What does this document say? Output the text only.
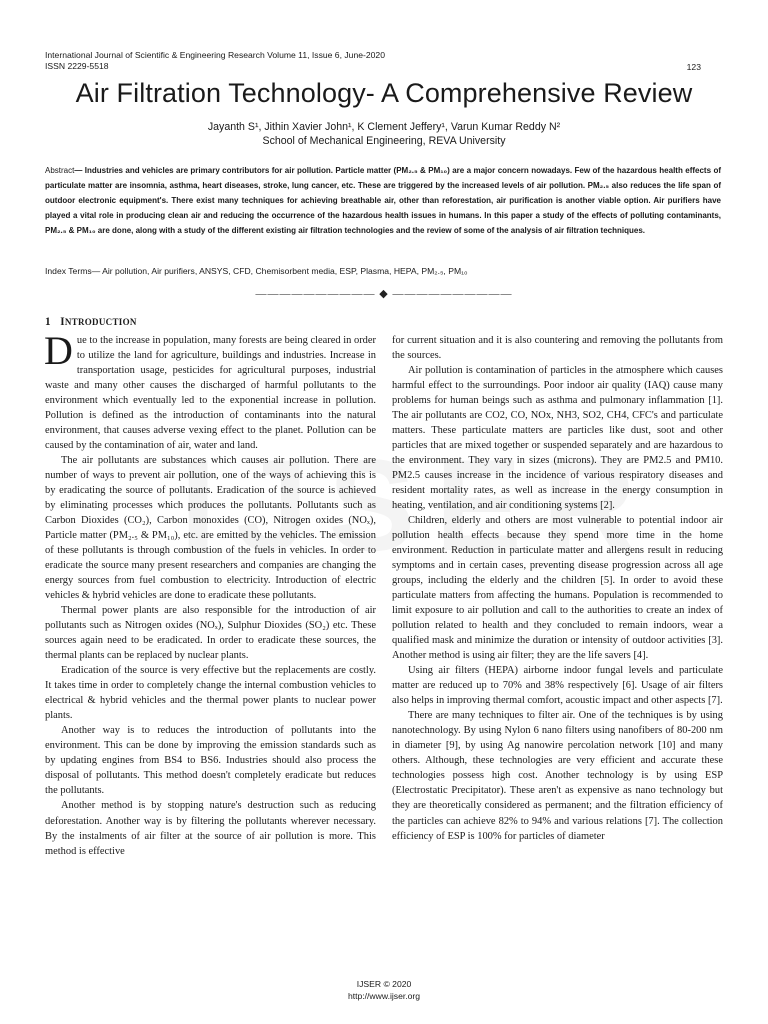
International Journal of Scientific & Engineering Research Volume 11, Issue 6, June-2020
ISSN 2229-5518	123
Air Filtration Technology- A Comprehensive Review
Jayanth S¹, Jithin Xavier John¹, K Clement Jeffery¹, Varun Kumar Reddy N²
School of Mechanical Engineering, REVA University
Abstract— Industries and vehicles are primary contributors for air pollution. Particle matter (PM₂.₅ & PM₁₀) are a major concern nowadays. Few of the hazardous health effects of particulate matter are insomnia, asthma, heart diseases, stroke, lung cancer, etc. These are triggered by the increased levels of air pollution. PM₂.₅ also reduces the life span of outdoor electronic equipment's. There exist many techniques for achieving breathable air, other than reforestation, air purification is another viable option. Air purifiers have played a vital role in producing clean air and reducing the occurrence of the hazardous health issues in humans. In this paper a study of the effects of polluting contaminants, PM₂.₅ & PM₁₀ are done, along with a study of the different existing air filtration technologies and the review of some of the analysis of air filtration techniques.
Index Terms— Air pollution, Air purifiers, ANSYS, CFD, Chemisorbent media, ESP, Plasma, HEPA, PM₂.₅, PM₁₀
—————————— ◆ ——————————
1 INTRODUCTION

Due to the increase in population, many forests are being cleared in order to utilize the land for agriculture, buildings and industries. Increase in transportation usage, pesticides for agricultural purposes, industrial waste and many other causes the discharged of harmful pollutants to the environment which eventually led to the exponential increase in pollution. Pollution is defined as the introduction of contaminants into the natural environment, that causes adverse vexing effect to the planet. Pollution can be caused by the contamination of air, water and land.

The air pollutants are substances which causes air pollution. There are number of ways to prevent air pollution, one of the ways of achieving this is by eradicating the source of pollutants. Eradication of the source is achieved by eliminating processes which produces the pollutants. Pollutants such as Carbon Dioxides (CO₂), Carbon monoxides (CO), Nitrogen oxides (NOₓ), Particle matter (PM₂.₅ & PM₁₀), etc. are emitted by the vehicles. The emission of these pollutants is through combustion of the fuels in vehicles. In order to eradicate the source many present researchers and companies are changing the energy sources from fuel combustion to electricity. Introduction of electric vehicles & hybrid vehicles are done to eradicate these pollutants.

Thermal power plants are also responsible for the introduction of air pollutants such as Nitrogen oxides (NOₓ), Sulphur Dioxides (SO₂) etc. These sources again need to be eradicated. In order to eradicate these sources, the thermal plants can be replaced by nuclear plants.

Eradication of the source is very effective but the replacements are costly. It takes time in order to completely change the internal combustion vehicles to electrical & hybrid vehicles and the thermal power plants to nuclear power plants.

Another way is to reduces the introduction of pollutants into the environment. This can be done by improving the emission standards such as by updating engines from BS4 to BS6. Industries should also process the disposal of pollutants. This method doesn't completely eradicate but reduces the pollutants.

Another method is by stopping nature's destruction such as reducing deforestation. Another way is by filtering the pollutants wherever necessary. By the instalments of air filter at the source of air pollution is more. This method is effective

for current situation and it is also countering and removing the pollutants from the sources.

Air pollution is contamination of particles in the atmosphere which causes harmful effect to the surroundings. Poor indoor air quality (IAQ) cause many problems for human beings such as asthma and pulmonary inflammation [1]. The air pollutants are CO2, CO, NOx, NH3, SO2, CH4, CFC's and particulate matters. These particulate matters are particles like dust, soot and other particles that are mixed together or suspended separately and are hazardous to the environment. They vary in sizes (microns). They are PM2.5 and PM10. PM2.5 causes increase in the incidence of various respiratory diseases and resident mortality rates, as well as increase in the energy consumption in heating, ventilation, and air conditioning systems [2].

Children, elderly and others are most vulnerable to potential indoor air pollution health effects because they spend more time in the home environment. Reduction in particulate matter and allergens result in reducing symptoms and in certain cases, preventing disease progression across all age groups, including the elderly and the children [5]. In order to avoid these particulate matters from affecting the humans. Population is recommended to limit exposure to air pollution and call to the authorities to create an index of pollution related to health and they concluded to remain indoors, wear a qualified mask and minimize the duration or intensity of outdoor activities [3]. Another method is using air filter; they are the life savers [4].

Using air filters (HEPA) airborne indoor fungal levels and particulate matter are reduced up to 70% and 38% respectively [6]. Usage of air filters also helps in improving thermal comfort, acoustic impact and other aspects [7].

There are many techniques to filter air. One of the techniques is by using nanotechnology. By using Nylon 6 nano filters using nanofibers of 80-200 nm in diameter [9], by using Ag nanowire percolation network [10] and many others. Although, these technologies are very efficient and accurate these technologies possess high cost. Another technology is by using ESP (Electrostatic Precipitator). These aren't as expensive as nano technology but they are theoretically considered as permanent; and the filtration efficiency of the particles can achieve 82% to 94% and various relations [7]. The collection efficiency of ESP is 100% for particles of diameter

IJSER © 2020
http://www.ijser.org
